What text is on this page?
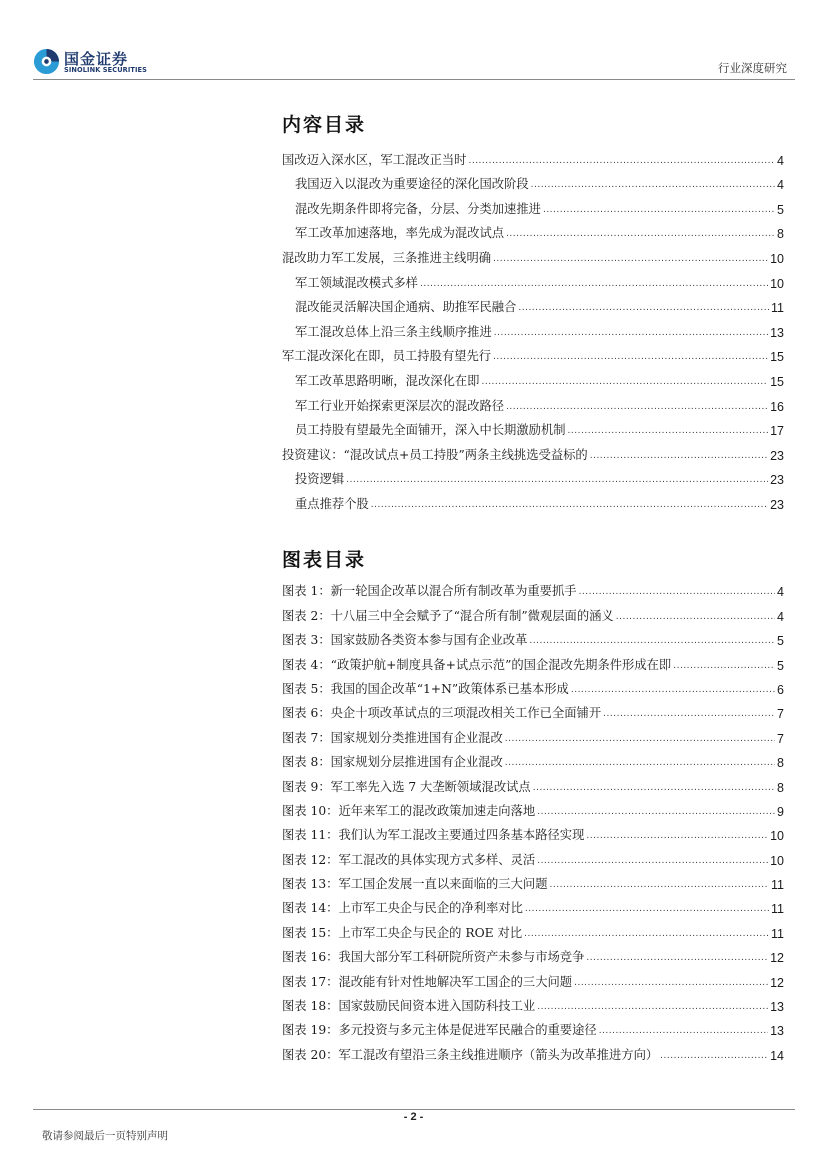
国金证券
SINOLINK SECURITIES	行业深度研究
内容目录
国改迈入深水区，军工混改正当时 .....	4
我国迈入以混改为重要途径的深化国改阶段 .....	4
混改先期条件即将完备，分层、分类加速推进 .....	5
军工改革加速落地，率先成为混改试点 .....	8
混改助力军工发展，三条推进主线明确 .....	10
军工领域混改模式多样 .....	10
混改能灵活解决国企通病、助推军民融合 .....	11
军工混改总体上沿三条主线顺序推进 .....	13
军工混改深化在即，员工持股有望先行 .....	15
军工改革思路明晰，混改深化在即 .....	15
军工行业开始探索更深层次的混改路径 .....	16
员工持股有望最先全面铺开，深入中长期激励机制 .....	17
投资建议：“混改试点+员工持股”两条主线挑选受益标的 .....	23
投资逻辑 .....	23
重点推荐个股 .....	23
图表目录
图表 1：新一轮国企改革以混合所有制改革为重要抓手 .....	4
图表 2：十八届三中全会赋予了“混合所有制”微观层面的涵义 .....	4
图表 3：国家鼓励各类资本参与国有企业改革 .....	5
图表 4：“政策护航+制度具备+试点示范”的国企混改先期条件形成在即 .....	5
图表 5：我国的国企改革“1+N”政策体系已基本形成 .....	6
图表 6：央企十项改革试点的三项混改相关工作已全面铺开 .....	7
图表 7：国家规划分类推进国有企业混改 .....	7
图表 8：国家规划分层推进国有企业混改 .....	8
图表 9：军工率先入选 7 大垄断领域混改试点 .....	8
图表 10：近年来军工的混改政策加速走向落地 .....	9
图表 11：我们认为军工混改主要通过四条基本路径实现 .....	10
图表 12：军工混改的具体实现方式多样、灵活 .....	10
图表 13：军工国企发展一直以来面临的三大问题 .....	11
图表 14：上市军工央企与民企的净利率对比 .....	11
图表 15：上市军工央企与民企的 ROE 对比 .....	11
图表 16：我国大部分军工科研院所资产未参与市场竞争 .....	12
图表 17：混改能有针对性地解决军工国企的三大问题 .....	12
图表 18：国家鼓励民间资本进入国防科技工业 .....	13
图表 19：多元投资与多元主体是促进军民融合的重要途径 .....	13
图表 20：军工混改有望沿三条主线推进顺序（箭头为改革推进方向） .....	14
- 2 -
敬请参阅最后一页特别声明
